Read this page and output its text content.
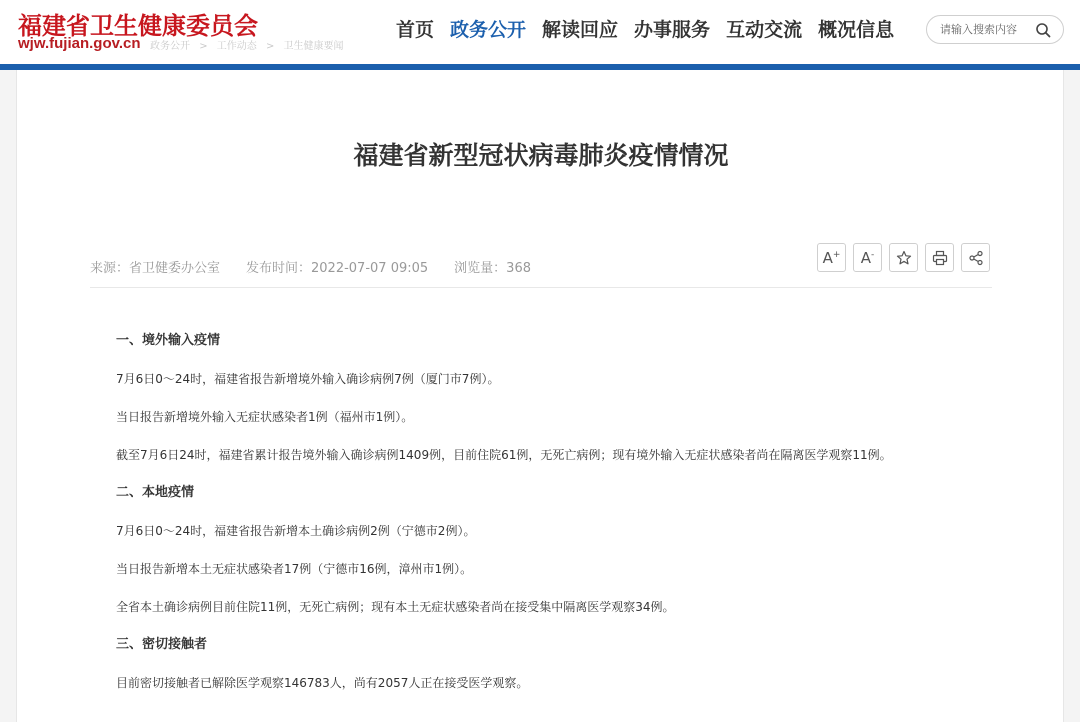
福建省卫生健康委员会
wjw.fujian.gov.cn 政务公开 > 工作动态 > 卫生健康要闻
首页 政务公开 解读回应 办事服务 互动交流 概况信息
请输入搜索内容
福建省新型冠状病毒肺炎疫情情况
来源：省卫健委办公室 发布时间：2022-07-07 09:05 浏览量：368
A+ A-
一、境外输入疫情
7月6日0～24时，福建省报告新增境外输入确诊病例7例（厦门市7例）。
当日报告新增境外输入无症状感染者1例（福州市1例）。
截至7月6日24时，福建省累计报告境外输入确诊病例1409例，目前住院61例，无死亡病例；现有境外输入无症状感染者尚在隔离医学观察11例。
二、本地疫情
7月6日0～24时，福建省报告新增本土确诊病例2例（宁德市2例）。
当日报告新增本土无症状感染者17例（宁德市16例，漳州市1例）。
全省本土确诊病例目前住院11例，无死亡病例；现有本土无症状感染者尚在接受集中隔离医学观察34例。
三、密切接触者
目前密切接触者已解除医学观察146783人，尚有2057人正在接受医学观察。
